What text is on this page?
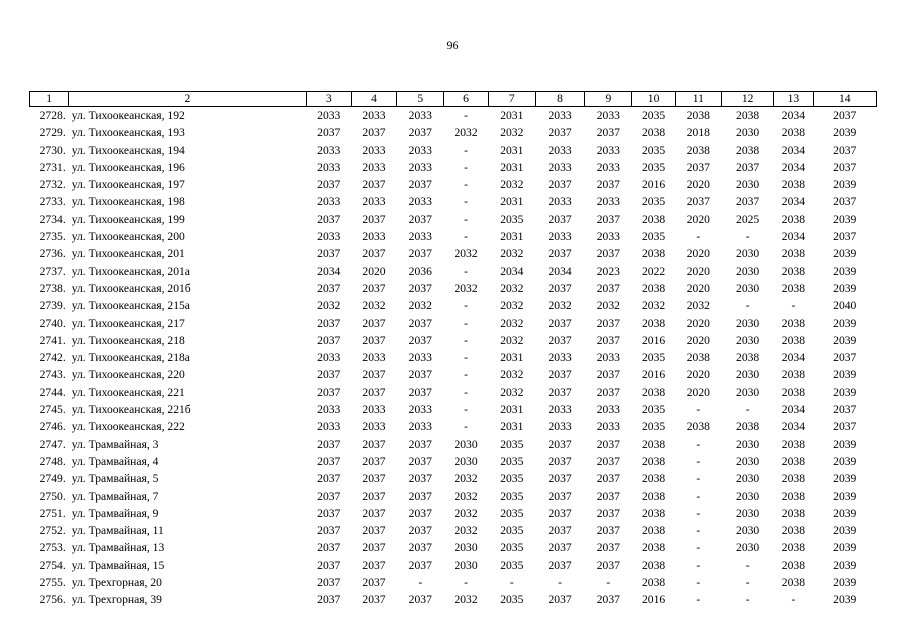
96
1	2	3	4	5	6	7	8	9	10	11	12	13	14
2728.	ул. Тихоокеанская, 192	2033	2033	2033	-	2031	2033	2033	2035	2038	2038	2034	2037
2729.	ул. Тихоокеанская, 193	2037	2037	2037	2032	2032	2037	2037	2038	2018	2030	2038	2039
2730.	ул. Тихоокеанская, 194	2033	2033	2033	-	2031	2033	2033	2035	2038	2038	2034	2037
2731.	ул. Тихоокеанская, 196	2033	2033	2033	-	2031	2033	2033	2035	2037	2037	2034	2037
2732.	ул. Тихоокеанская, 197	2037	2037	2037	-	2032	2037	2037	2016	2020	2030	2038	2039
2733.	ул. Тихоокеанская, 198	2033	2033	2033	-	2031	2033	2033	2035	2037	2037	2034	2037
2734.	ул. Тихоокеанская, 199	2037	2037	2037	-	2035	2037	2037	2038	2020	2025	2038	2039
2735.	ул. Тихоокеанская, 200	2033	2033	2033	-	2031	2033	2033	2035	-	-	2034	2037
2736.	ул. Тихоокеанская, 201	2037	2037	2037	2032	2032	2037	2037	2038	2020	2030	2038	2039
2737.	ул. Тихоокеанская, 201а	2034	2020	2036	-	2034	2034	2023	2022	2020	2030	2038	2039
2738.	ул. Тихоокеанская, 201б	2037	2037	2037	2032	2032	2037	2037	2038	2020	2030	2038	2039
2739.	ул. Тихоокеанская, 215а	2032	2032	2032	-	2032	2032	2032	2032	2032	-	-	2040
2740.	ул. Тихоокеанская, 217	2037	2037	2037	-	2032	2037	2037	2038	2020	2030	2038	2039
2741.	ул. Тихоокеанская, 218	2037	2037	2037	-	2032	2037	2037	2016	2020	2030	2038	2039
2742.	ул. Тихоокеанская, 218а	2033	2033	2033	-	2031	2033	2033	2035	2038	2038	2034	2037
2743.	ул. Тихоокеанская, 220	2037	2037	2037	-	2032	2037	2037	2016	2020	2030	2038	2039
2744.	ул. Тихоокеанская, 221	2037	2037	2037	-	2032	2037	2037	2038	2020	2030	2038	2039
2745.	ул. Тихоокеанская, 221б	2033	2033	2033	-	2031	2033	2033	2035	-	-	2034	2037
2746.	ул. Тихоокеанская, 222	2033	2033	2033	-	2031	2033	2033	2035	2038	2038	2034	2037
2747.	ул. Трамвайная, 3	2037	2037	2037	2030	2035	2037	2037	2038	-	2030	2038	2039
2748.	ул. Трамвайная, 4	2037	2037	2037	2030	2035	2037	2037	2038	-	2030	2038	2039
2749.	ул. Трамвайная, 5	2037	2037	2037	2032	2035	2037	2037	2038	-	2030	2038	2039
2750.	ул. Трамвайная, 7	2037	2037	2037	2032	2035	2037	2037	2038	-	2030	2038	2039
2751.	ул. Трамвайная, 9	2037	2037	2037	2032	2035	2037	2037	2038	-	2030	2038	2039
2752.	ул. Трамвайная, 11	2037	2037	2037	2032	2035	2037	2037	2038	-	2030	2038	2039
2753.	ул. Трамвайная, 13	2037	2037	2037	2030	2035	2037	2037	2038	-	2030	2038	2039
2754.	ул. Трамвайная, 15	2037	2037	2037	2030	2035	2037	2037	2038	-	-	2038	2039
2755.	ул. Трехгорная, 20	2037	2037	-	-	-	-	-	2038	-	-	2038	2039
2756.	ул. Трехгорная, 39	2037	2037	2037	2032	2035	2037	2037	2016	-	-	-	2039
